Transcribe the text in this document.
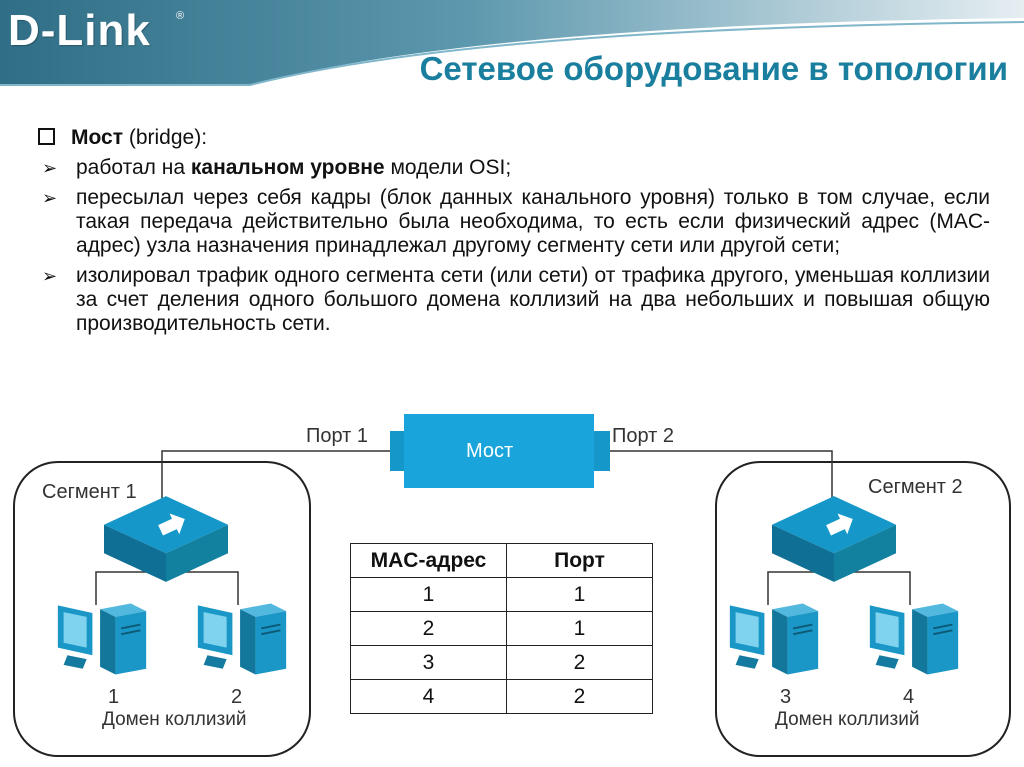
D-Link ®
Сетевое оборудование в топологии
Мост (bridge):
➢ работал на канальном уровне модели OSI;
➢ пересылал через себя кадры (блок данных канального уровня) только в том случае, если такая передача действительно была необходима, то есть если физический адрес (MAC-адрес) узла назначения принадлежал другому сегменту сети или другой сети;
➢ изолировал трафик одного сегмента сети (или сети) от трафика другого, уменьшая коллизии за счет деления одного большого домена коллизий на два небольших и повышая общую производительность сети.
Мост
Порт 1	Порт 2
Сегмент 1	Сегмент 2
1	2	3	4
Домен коллизий	Домен коллизий
MAC-адрес	Порт
1	1
2	1
3	2
4	2
